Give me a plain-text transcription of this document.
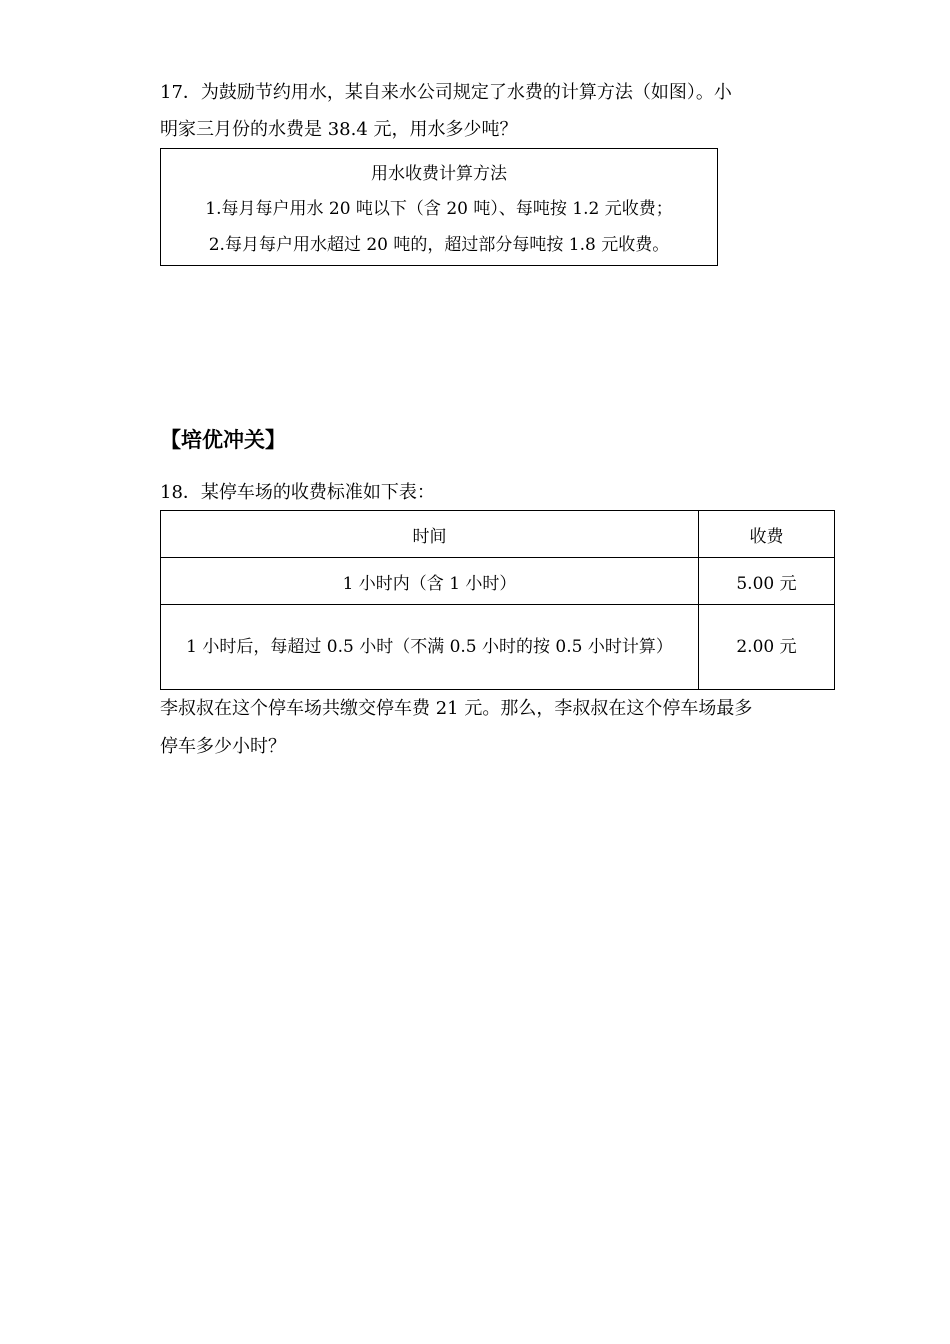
17．为鼓励节约用水，某自来水公司规定了水费的计算方法（如图）。小
明家三月份的水费是 38.4 元，用水多少吨？
用水收费计算方法
1.每月每户用水 20 吨以下（含 20 吨）、每吨按 1.2 元收费；
2.每月每户用水超过 20 吨的，超过部分每吨按 1.8 元收费。
【培优冲关】
18．某停车场的收费标准如下表：
时间	收费
1 小时内（含 1 小时）	5.00 元
1 小时后，每超过 0.5 小时（不满 0.5 小时的按 0.5 小时计算）	2.00 元
李叔叔在这个停车场共缴交停车费 21 元。那么，李叔叔在这个停车场最多
停车多少小时？
